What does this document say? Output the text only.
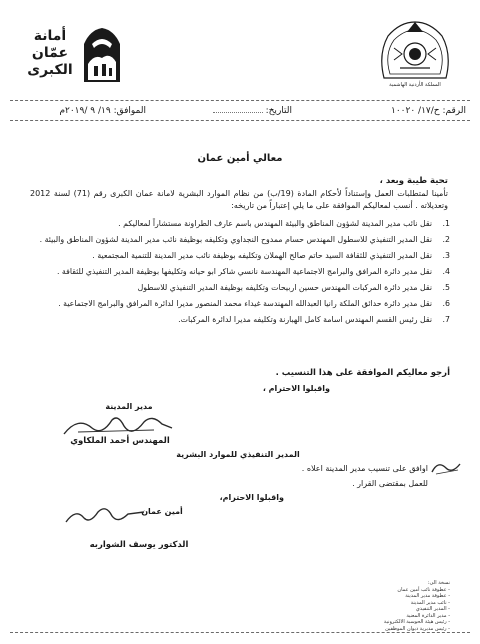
أمانة عمّان الكبرى
المملكة الأردنية الهاشمية
الرقم: ح/١٧/ ١٠٠٢٠
التاريخ:
الموافق: ١٩/ ٩ /٢٠١٩م
معالي أمين عمان
تحية طيبة وبعد ،
تأمينا لمتطلبات العمل وإستناداً لأحكام المادة (19/ب) من نظام الموارد البشرية لامانة عمان الكبرى رقم (71) لسنة 2012 وتعديلاته . أنسب لمعاليكم الموافقة على ما يلي إعتباراً من تاريخه:
1.
نقل نائب مدير المدينة لشؤون المناطق والبيئة المهندس باسم عارف الطراونة مستشاراً لمعاليكم .
2.
نقل المدير التنفيذي للاسطول المهندس حسام ممدوح النجداوي وتكليفه بوظيفة نائب مدير المدينة لشؤون المناطق والبيئة .
3.
نقل المدير التنفيذي للثقافة السيد حاتم صالح الهملان وتكليفه بوظيفة نائب مدير المدينة للتنمية المجتمعية .
4.
نقل مدير دائرة المرافق والبرامج الاجتماعية المهندسة نانسي شاكر ابو حيانه وتكليفها بوظيفة المدير التنفيذي للثقافة .
5.
نقل مدير دائرة المركبات المهندس حسين اربيحات وتكليفه بوظيفة المدير التنفيذي للاسطول
6.
نقل مدير دائرة حدائق الملكة رانيا العبدالله المهندسة غيداء محمد المنصور مديرا لدائرة المرافق والبرامج الاجتماعية .
7.
نقل رئيس القسم المهندس اسامة كامل الهبارنة وتكليفه مديرا لدائرة المركبات.
أرجو معاليكم الموافقة على هذا التنسيب .
واقبلوا الاحترام ،
مدير المدينة
المهندس أحمد الملكاوي
المدير التنفيذي للموارد البشرية
اوافق على تنسيب مدير المدينة اعلاه .
للعمل بمقتضى القرار .
واقبلوا الاحترام،
أمين عمان
الدكتور يوسف الشواربه
نسخة الى:
- عطوفة نائب أمين عمان
- عطوفة مدير المدينة
- نائب مدير المدينة
- المدير التنفيذي
- مدير الدائرة المعنية
- رئيس هيئة الحوسبة الالكترونية
- رئيس مديرية ديوان الموظفين
